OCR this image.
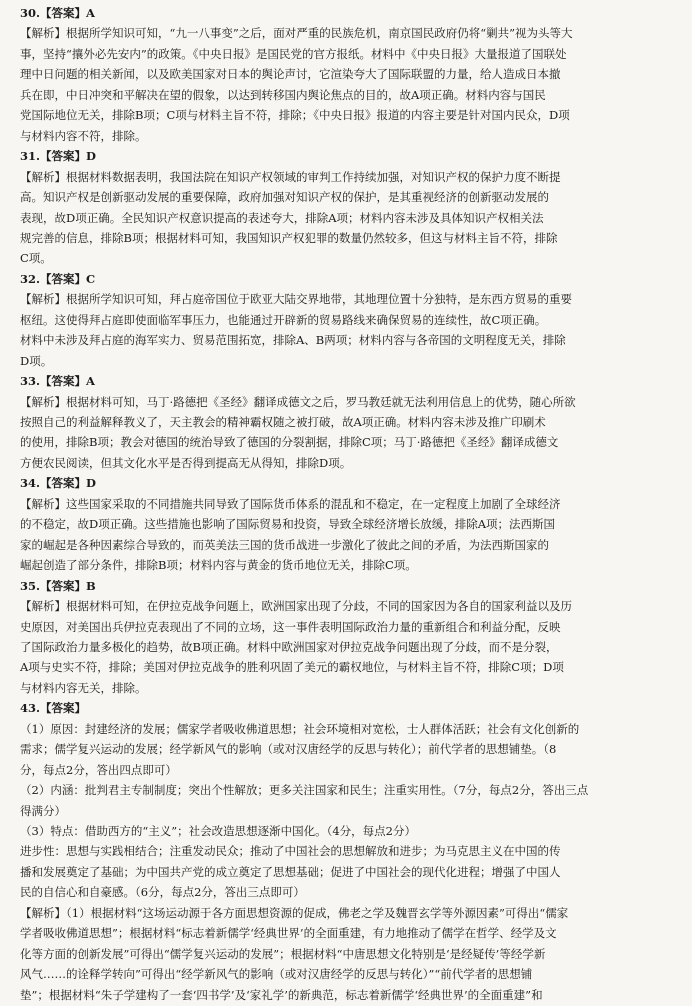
30.【答案】A
【解析】根据所学知识可知，“九一八事变”之后，面对严重的民族危机，南京国民政府仍将“剿共”视为头等大
事，坚持“攘外必先安内”的政策。《中央日报》是国民党的官方报纸。材料中《中央日报》大量报道了国联处
理中日问题的相关新闻，以及欧美国家对日本的舆论声讨，它渲染夸大了国际联盟的力量，给人造成日本撤
兵在即，中日冲突和平解决在望的假象，以达到转移国内舆论焦点的目的，故A项正确。材料内容与国民
党国际地位无关，排除B项；C项与材料主旨不符，排除；《中央日报》报道的内容主要是针对国内民众，D项
与材料内容不符，排除。
31.【答案】D
【解析】根据材料数据表明，我国法院在知识产权领域的审判工作持续加强，对知识产权的保护力度不断提
高。知识产权是创新驱动发展的重要保障，政府加强对知识产权的保护，是其重视经济的创新驱动发展的
表现，故D项正确。全民知识产权意识提高的表述夸大，排除A项；材料内容未涉及具体知识产权相关法
规完善的信息，排除B项；根据材料可知，我国知识产权犯罪的数量仍然较多，但这与材料主旨不符，排除
C项。
32.【答案】C
【解析】根据所学知识可知，拜占庭帝国位于欧亚大陆交界地带，其地理位置十分独特，是东西方贸易的重要
枢纽。这使得拜占庭即使面临军事压力，也能通过开辟新的贸易路线来确保贸易的连续性，故C项正确。
材料中未涉及拜占庭的海军实力、贸易范围拓宽，排除A、B两项；材料内容与各帝国的文明程度无关，排除
D项。
33.【答案】A
【解析】根据材料可知，马丁·路德把《圣经》翻译成德文之后，罗马教廷就无法利用信息上的优势，随心所欲
按照自己的利益解释教义了，天主教会的精神霸权随之被打破，故A项正确。材料内容未涉及推广印刷术
的使用，排除B项；教会对德国的统治导致了德国的分裂割据，排除C项；马丁·路德把《圣经》翻译成德文
方便农民阅读，但其文化水平是否得到提高无从得知，排除D项。
34.【答案】D
【解析】这些国家采取的不同措施共同导致了国际货币体系的混乱和不稳定，在一定程度上加剧了全球经济
的不稳定，故D项正确。这些措施也影响了国际贸易和投资，导致全球经济增长放缓，排除A项；法西斯国
家的崛起是各种因素综合导致的，而英美法三国的货币战进一步激化了彼此之间的矛盾，为法西斯国家的
崛起创造了部分条件，排除B项；材料内容与黄金的货币地位无关，排除C项。
35.【答案】B
【解析】根据材料可知，在伊拉克战争问题上，欧洲国家出现了分歧，不同的国家因为各自的国家利益以及历
史原因，对美国出兵伊拉克表现出了不同的立场，这一事件表明国际政治力量的重新组合和利益分配，反映
了国际政治力量多极化的趋势，故B项正确。材料中欧洲国家对伊拉克战争问题出现了分歧，而不是分裂，
A项与史实不符，排除；美国对伊拉克战争的胜利巩固了美元的霸权地位，与材料主旨不符，排除C项；D项
与材料内容无关，排除。
43.【答案】
（1）原因：封建经济的发展；儒家学者吸收佛道思想；社会环境相对宽松，士人群体活跃；社会有文化创新的
需求；儒学复兴运动的发展；经学新风气的影响（或对汉唐经学的反思与转化）；前代学者的思想铺垫。（8
分，每点2分，答出四点即可）
（2）内涵：批判君主专制制度；突出个性解放；更多关注国家和民生；注重实用性。（7分，每点2分，答出三点
得满分）
（3）特点：借助西方的“主义”；社会改造思想逐渐中国化。（4分，每点2分）
进步性：思想与实践相结合；注重发动民众；推动了中国社会的思想解放和进步；为马克思主义在中国的传
播和发展奠定了基础；为中国共产党的成立奠定了思想基础；促进了中国社会的现代化进程；增强了中国人
民的自信心和自豪感。（6分，每点2分，答出三点即可）
【解析】（1）根据材料“这场运动源于各方面思想资源的促成，佛老之学及魏晋玄学等外源因素”可得出“儒家
学者吸收佛道思想”；根据材料“标志着新儒学‘经典世界’的全面重建，有力地推动了儒学在哲学、经学及文
化等方面的创新发展”可得出“儒学复兴运动的发展”；根据材料“中唐思想文化特别是‘是经疑传’等经学新
风气……的诠释学转向”可得出“经学新风气的影响（或对汉唐经学的反思与转化）”“前代学者的思想铺
垫”；根据材料“朱子学建构了一套‘四书学’及‘家礼学’的新典范，标志着新儒学‘经典世界’的全面重建”和
